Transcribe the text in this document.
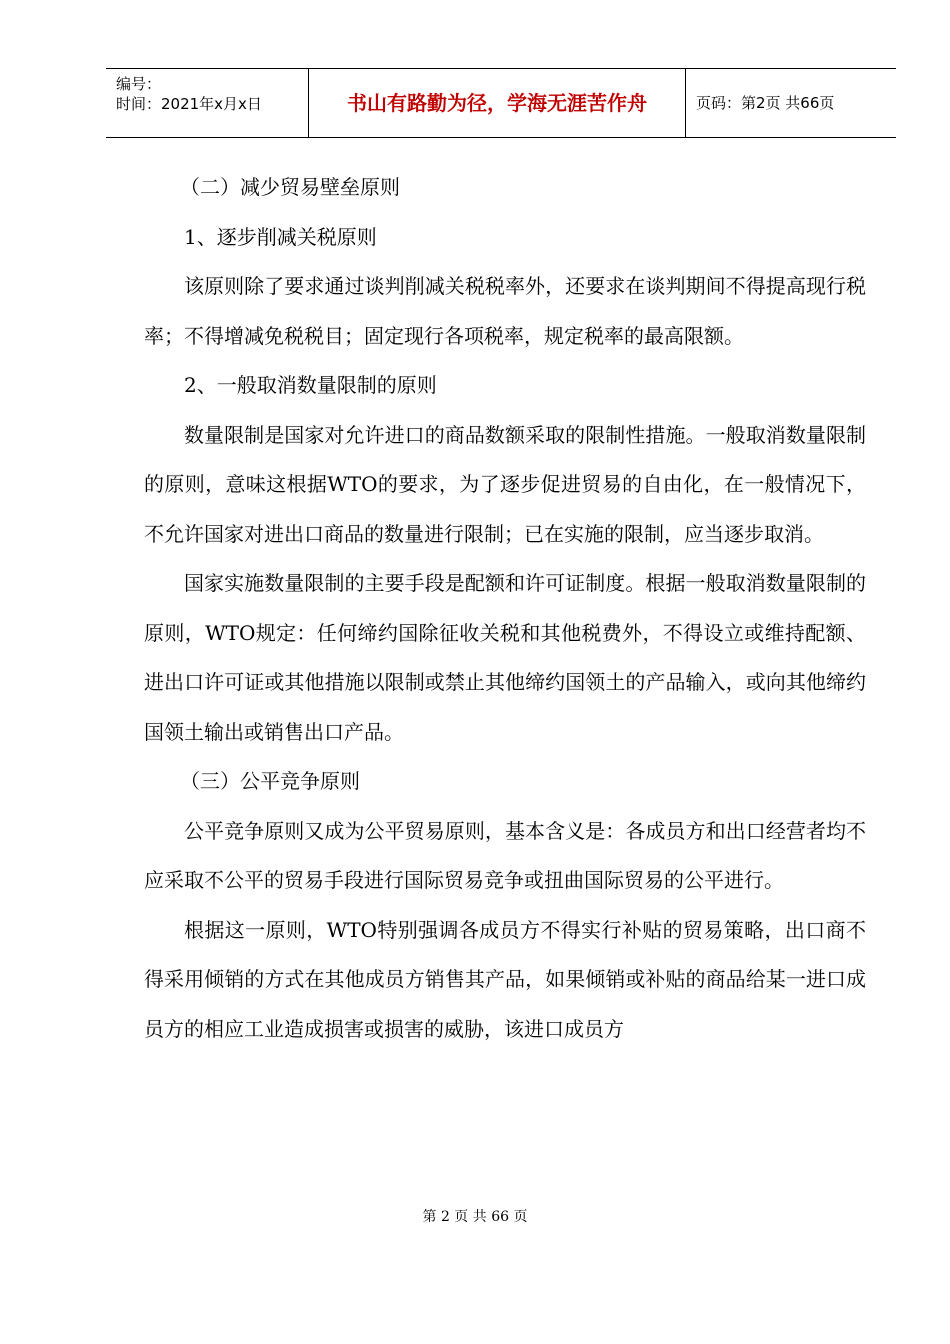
编号：
时间：2021年x月x日	书山有路勤为径，学海无涯苦作舟	页码：第2页 共66页

（二）减少贸易壁垒原则

1、逐步削减关税原则

该原则除了要求通过谈判削减关税税率外，还要求在谈判期间不得提高现行税率；不得增减免税税目；固定现行各项税率，规定税率的最高限额。

2、一般取消数量限制的原则

数量限制是国家对允许进口的商品数额采取的限制性措施。一般取消数量限制的原则，意味这根据WTO的要求，为了逐步促进贸易的自由化，在一般情况下，不允许国家对进出口商品的数量进行限制；已在实施的限制，应当逐步取消。

国家实施数量限制的主要手段是配额和许可证制度。根据一般取消数量限制的原则，WTO规定：任何缔约国除征收关税和其他税费外，不得设立或维持配额、进出口许可证或其他措施以限制或禁止其他缔约国领土的产品输入，或向其他缔约国领土输出或销售出口产品。

（三）公平竞争原则

公平竞争原则又成为公平贸易原则，基本含义是：各成员方和出口经营者均不应采取不公平的贸易手段进行国际贸易竞争或扭曲国际贸易的公平进行。

根据这一原则，WTO特别强调各成员方不得实行补贴的贸易策略，出口商不得采用倾销的方式在其他成员方销售其产品，如果倾销或补贴的商品给某一进口成员方的相应工业造成损害或损害的威胁，该进口成员方

第 2 页 共 66 页
